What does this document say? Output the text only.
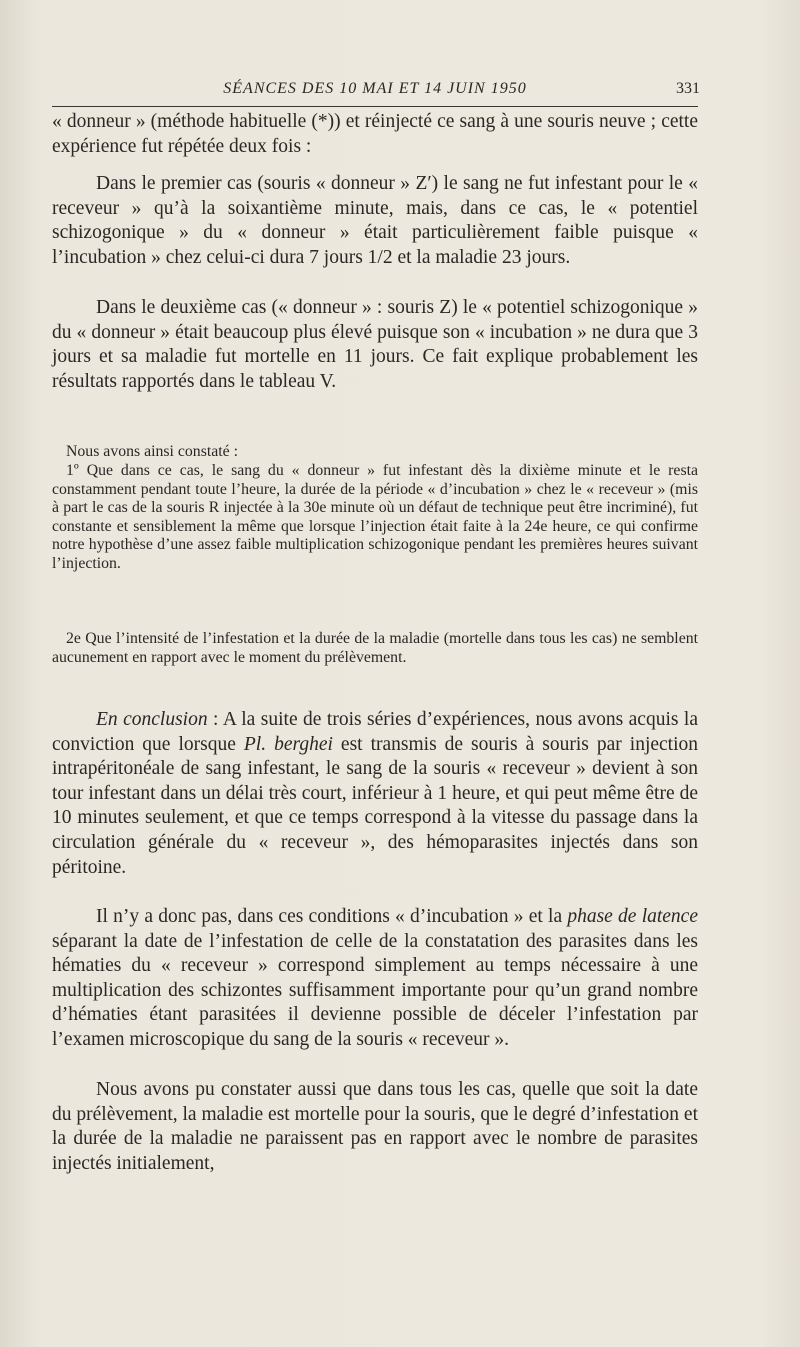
SÉANCES DES 10 MAI ET 14 JUIN 1950	331

« donneur » (méthode habituelle (*)) et réinjecté ce sang à une souris neuve ; cette expérience fut répétée deux fois :

Dans le premier cas (souris « donneur » Z′) le sang ne fut infestant pour le « receveur » qu’à la soixantième minute, mais, dans ce cas, le « potentiel schizogonique » du « donneur » était particulièrement faible puisque « l’incubation » chez celui-ci dura 7 jours 1/2 et la maladie 23 jours.

Dans le deuxième cas (« donneur » : souris Z) le « potentiel schizogonique » du « donneur » était beaucoup plus élevé puisque son « incubation » ne dura que 3 jours et sa maladie fut mortelle en 11 jours. Ce fait explique probablement les résultats rapportés dans le tableau V.

Nous avons ainsi constaté :

1º Que dans ce cas, le sang du « donneur » fut infestant dès la dixième minute et le resta constamment pendant toute l’heure, la durée de la période « d’incubation » chez le « receveur » (mis à part le cas de la souris R injectée à la 30e minute où un défaut de technique peut être incriminé), fut constante et sensiblement la même que lorsque l’injection était faite à la 24e heure, ce qui confirme notre hypothèse d’une assez faible multiplication schizogonique pendant les premières heures suivant l’injection.

2e Que l’intensité de l’infestation et la durée de la maladie (mortelle dans tous les cas) ne semblent aucunement en rapport avec le moment du prélèvement.

En conclusion : A la suite de trois séries d’expériences, nous avons acquis la conviction que lorsque Pl. berghei est transmis de souris à souris par injection intrapéritonéale de sang infestant, le sang de la souris « receveur » devient à son tour infestant dans un délai très court, inférieur à 1 heure, et qui peut même être de 10 minutes seulement, et que ce temps correspond à la vitesse du passage dans la circulation générale du « receveur », des hémoparasites injectés dans son péritoine.

Il n’y a donc pas, dans ces conditions « d’incubation » et la phase de latence séparant la date de l’infestation de celle de la constatation des parasites dans les hématies du « receveur » correspond simplement au temps nécessaire à une multiplication des schizontes suffisamment importante pour qu’un grand nombre d’hématies étant parasitées il devienne possible de déceler l’infestation par l’examen microscopique du sang de la souris « receveur ».

Nous avons pu constater aussi que dans tous les cas, quelle que soit la date du prélèvement, la maladie est mortelle pour la souris, que le degré d’infestation et la durée de la maladie ne paraissent pas en rapport avec le nombre de parasites injectés initialement,
